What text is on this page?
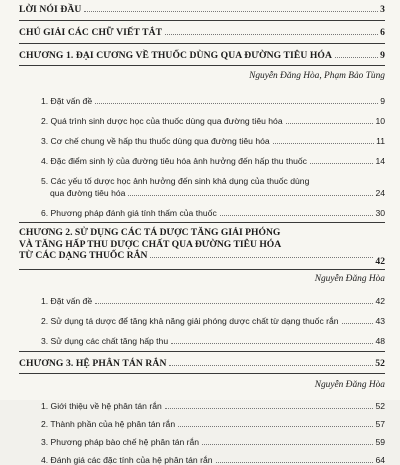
LỜI NÓI ĐẦU	3
CHÚ GIẢI CÁC CHỮ VIẾT TẮT	6
CHƯƠNG 1. ĐẠI CƯƠNG VỀ THUỐC DÙNG QUA ĐƯỜNG TIÊU HÓA	9
Nguyễn Đăng Hòa, Phạm Bảo Tùng
1. Đặt vấn đề	9
2. Quá trình sinh dược học của thuốc dùng qua đường tiêu hóa	10
3. Cơ chế chung về hấp thu thuốc dùng qua đường tiêu hóa	11
4. Đặc điểm sinh lý của đường tiêu hóa ảnh hưởng đến hấp thu thuốc	14
5. Các yếu tố dược học ảnh hưởng đến sinh khả dụng của thuốc dùng
qua đường tiêu hóa	24
6. Phương pháp đánh giá tính thấm của thuốc	30
CHƯƠNG 2. SỬ DỤNG CÁC TÁ DƯỢC TĂNG GIẢI PHÓNG
VÀ TĂNG HẤP THU DƯỢC CHẤT QUA ĐƯỜNG TIÊU HÓA
TỪ CÁC DẠNG THUỐC RẮN
42
Nguyễn Đăng Hòa
1. Đặt vấn đề	42
2. Sử dụng tá dược để tăng khả năng giải phóng dược chất từ dạng thuốc rắn	43
3. Sử dụng các chất tăng hấp thu	48
CHƯƠNG 3. HỆ PHÂN TÁN RẮN	52
Nguyễn Đăng Hòa
1. Giới thiệu về hệ phân tán rắn	52
2. Thành phần của hệ phân tán rắn	57
3. Phương pháp bào chế hệ phân tán rắn	59
4. Đánh giá các đặc tính của hệ phân tán rắn	64
